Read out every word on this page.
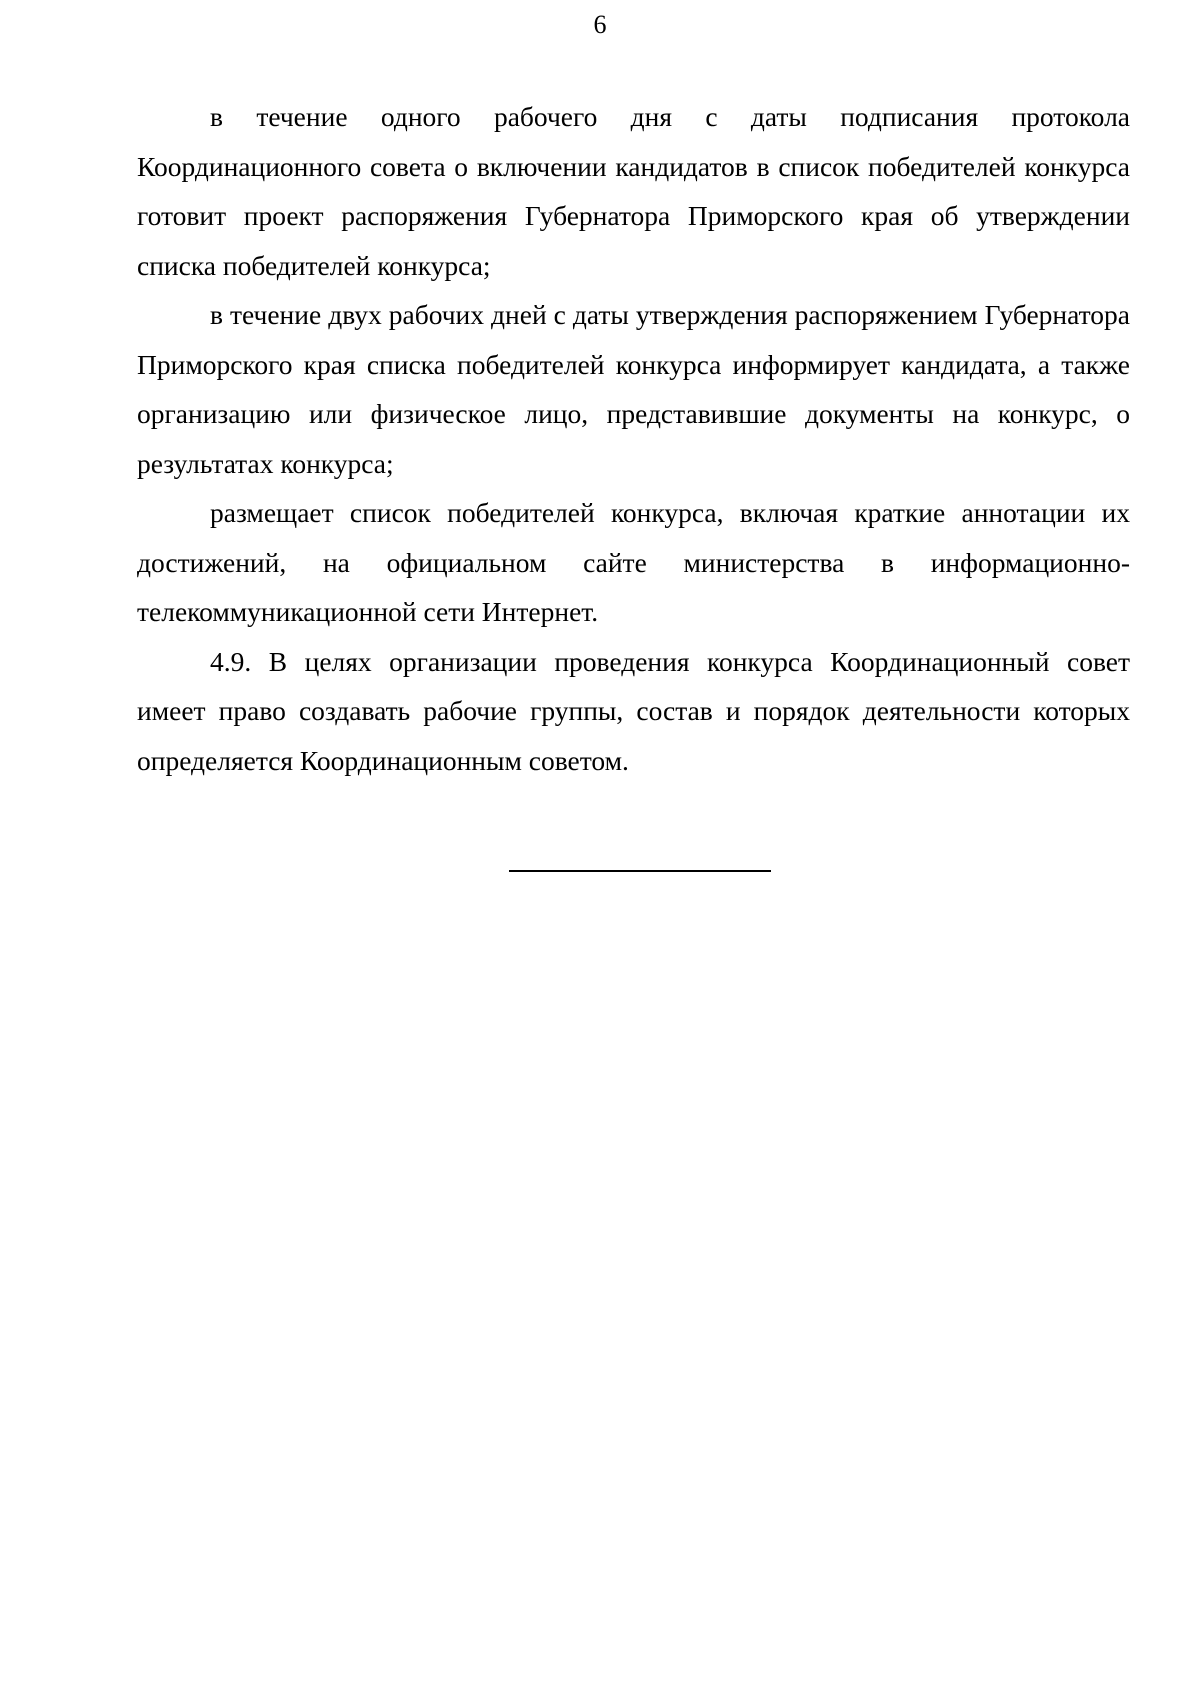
6

в течение одного рабочего дня с даты подписания протокола Координационного совета о включении кандидатов в список победителей конкурса готовит проект распоряжения Губернатора Приморского края об утверждении списка победителей конкурса;

в течение двух рабочих дней с даты утверждения распоряжением Губернатора Приморского края списка победителей конкурса информирует кандидата, а также организацию или физическое лицо, представившие документы на конкурс, о результатах конкурса;

размещает список победителей конкурса, включая краткие аннотации их достижений, на официальном сайте министерства в информационно-телекоммуникационной сети Интернет.

4.9. В целях организации проведения конкурса Координационный совет имеет право создавать рабочие группы, состав и порядок деятельности которых определяется Координационным советом.
